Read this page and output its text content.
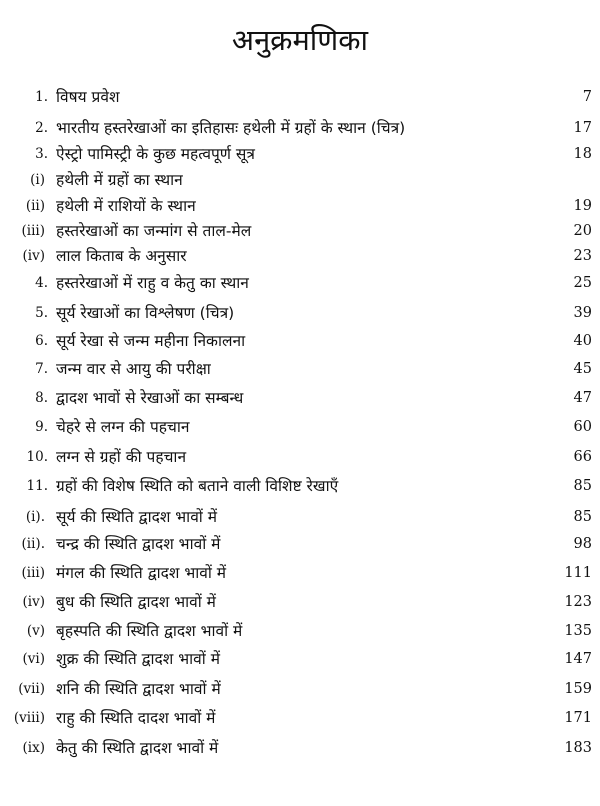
अनुक्रमणिका
1. विषय प्रवेश	7
2. भारतीय हस्तरेखाओं का इतिहासः हथेली में ग्रहों के स्थान (चित्र)	17
3. ऐस्ट्रो पामिस्ट्री के कुछ महत्वपूर्ण सूत्र	18
(i) हथेली में ग्रहों का स्थान
(ii) हथेली में राशियों के स्थान	19
(iii) हस्तरेखाओं का जन्मांग से ताल-मेल	20
(iv) लाल किताब के अनुसार	23
4. हस्तरेखाओं में राहु व केतु का स्थान	25
5. सूर्य रेखाओं का विश्लेषण (चित्र)	39
6. सूर्य रेखा से जन्म महीना निकालना	40
7. जन्म वार से आयु की परीक्षा	45
8. द्वादश भावों से रेखाओं का सम्बन्ध	47
9. चेहरे से लग्न की पहचान	60
10. लग्न से ग्रहों की पहचान	66
11. ग्रहों की विशेष स्थिति को बताने वाली विशिष्ट रेखाएँ	85
(i). सूर्य की स्थिति द्वादश भावों में	85
(ii). चन्द्र की स्थिति द्वादश भावों में	98
(iii) मंगल की स्थिति द्वादश भावों में	111
(iv) बुध की स्थिति द्वादश भावों में	123
(v) बृहस्पति की स्थिति द्वादश भावों में	135
(vi) शुक्र की स्थिति द्वादश भावों में	147
(vii) शनि की स्थिति द्वादश भावों में	159
(viii) राहु की स्थिति दादश भावों में	171
(ix) केतु की स्थिति द्वादश भावों में	183
